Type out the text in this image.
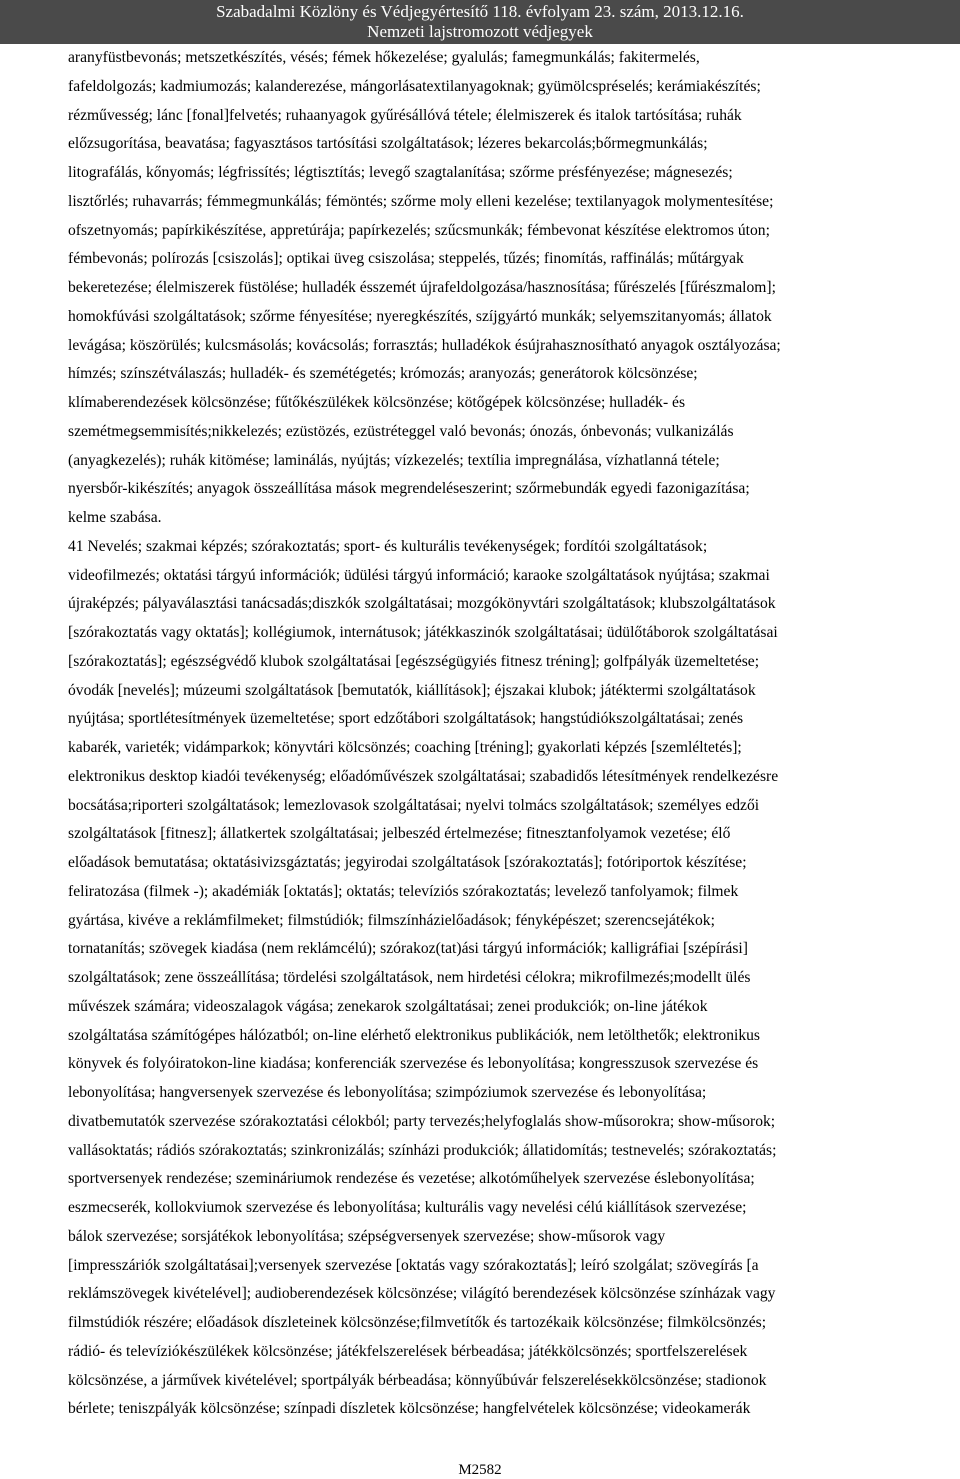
Szabadalmi Közlöny és Védjegyértesítő 118. évfolyam 23. szám, 2013.12.16.
Nemzeti lajstromozott védjegyek
aranyfüstbevonás; metszetkészítés, vésés; fémek hőkezelése; gyalulás; famegmunkálás; fakitermelés,
fafeldolgozás; kadmiumozás; kalanderezése, mángorlásatextilanyagoknak; gyümölcspréselés; kerámiakészítés;
rézművesség; lánc [fonal]felvetés; ruhaanyagok gyűrésállóvá tétele; élelmiszerek és italok tartósítása; ruhák
előzsugorítása, beavatása; fagyasztásos tartósítási szolgáltatások; lézeres bekarcolás;bőrmegmunkálás;
litografálás, kőnyomás; légfrissítés; légtisztítás; levegő szagtalanítása; szőrme présfényezése; mágnesezés;
lisztőrlés; ruhavarrás; fémmegmunkálás; fémöntés; szőrme moly elleni kezelése; textilanyagok molymentesítése;
ofszetnyomás; papírkikészítése, appretúrája; papírkezelés; szűcsmunkák; fémbevonat készítése elektromos úton;
fémbevonás; polírozás [csiszolás]; optikai üveg csiszolása; steppelés, tűzés; finomítás, raffinálás; műtárgyak
bekeretezése; élelmiszerek füstölése; hulladék ésszemét újrafeldolgozása/hasznosítása; fűrészelés [fűrészmalom];
homokfúvási szolgáltatások; szőrme fényesítése; nyeregkészítés, szíjgyártó munkák; selyemszitanyomás; állatok
levágása; köszörülés; kulcsmásolás; kovácsolás; forrasztás; hulladékok ésújrahasznosítható anyagok osztályozása;
hímzés; színszétválaszás; hulladék- és szemétégetés; krómozás; aranyozás; generátorok kölcsönzése;
klímaberendezések kölcsönzése; fűtőkészülékek kölcsönzése; kötőgépek kölcsönzése; hulladék- és
szemétmegsemmisítés;nikkelezés; ezüstözés, ezüstréteggel való bevonás; ónozás, ónbevonás; vulkanizálás
(anyagkezelés); ruhák kitömése; laminálás, nyújtás; vízkezelés; textília impregnálása, vízhatlanná tétele;
nyersbőr-kikészítés; anyagok összeállítása mások megrendeléseszerint; szőrmebundák egyedi fazonigazítása;
kelme szabása.
41 Nevelés; szakmai képzés; szórakoztatás; sport- és kulturális tevékenységek; fordítói szolgáltatások;
videofilmezés; oktatási tárgyú információk; üdülési tárgyú információ; karaoke szolgáltatások nyújtása; szakmai
újraképzés; pályaválasztási tanácsadás;diszkók szolgáltatásai; mozgókönyvtári szolgáltatások; klubszolgáltatások
[szórakoztatás vagy oktatás]; kollégiumok, internátusok; játékkaszinók szolgáltatásai; üdülőtáborok szolgáltatásai
[szórakoztatás]; egészségvédő klubok szolgáltatásai [egészségügyiés fitnesz tréning]; golfpályák üzemeltetése;
óvodák [nevelés]; múzeumi szolgáltatások [bemutatók, kiállítások]; éjszakai klubok; játéktermi szolgáltatások
nyújtása; sportlétesítmények üzemeltetése; sport edzőtábori szolgáltatások; hangstúdiókszolgáltatásai; zenés
kabarék, varieték; vidámparkok; könyvtári kölcsönzés; coaching [tréning]; gyakorlati képzés [szemléltetés];
elektronikus desktop kiadói tevékenység; előadóművészek szolgáltatásai; szabadidős létesítmények rendelkezésre
bocsátása;riporteri szolgáltatások; lemezlovasok szolgáltatásai; nyelvi tolmács szolgáltatások; személyes edzői
szolgáltatások [fitnesz]; állatkertek szolgáltatásai; jelbeszéd értelmezése; fitnesztanfolyamok vezetése; élő
előadások bemutatása; oktatásivizsgáztatás; jegyirodai szolgáltatások [szórakoztatás]; fotóriportok készítése;
feliratozása (filmek -); akadémiák [oktatás]; oktatás; televíziós szórakoztatás; levelező tanfolyamok; filmek
gyártása, kivéve a reklámfilmeket; filmstúdiók; filmszínházielőadások; fényképészet; szerencsejátékok;
tornatanítás; szövegek kiadása (nem reklámcélú); szórakoz(tat)ási tárgyú információk; kalligráfiai [szépírási]
szolgáltatások; zene összeállítása; tördelési szolgáltatások, nem hirdetési célokra; mikrofilmezés;modellt ülés
művészek számára; videoszalagok vágása; zenekarok szolgáltatásai; zenei produkciók; on-line játékok
szolgáltatása számítógépes hálózatból; on-line elérhető elektronikus publikációk, nem letölthetők; elektronikus
könyvek és folyóiratokon-line kiadása; konferenciák szervezése és lebonyolítása; kongresszusok szervezése és
lebonyolítása; hangversenyek szervezése és lebonyolítása; szimpóziumok szervezése és lebonyolítása;
divatbemutatók szervezése szórakoztatási célokból; party tervezés;helyfoglalás show-műsorokra; show-műsorok;
vallásoktatás; rádiós szórakoztatás; szinkronizálás; színházi produkciók; állatidomítás; testnevelés; szórakoztatás;
sportversenyek rendezése; szemináriumok rendezése és vezetése; alkotóműhelyek szervezése éslebonyolítása;
eszmecserék, kollokviumok szervezése és lebonyolítása; kulturális vagy nevelési célú kiállítások szervezése;
bálok szervezése; sorsjátékok lebonyolítása; szépségversenyek szervezése; show-műsorok vagy
[impresszáriók szolgáltatásai];versenyek szervezése [oktatás vagy szórakoztatás]; leíró szolgálat; szövegírás [a
reklámszövegek kivételével]; audioberendezések kölcsönzése; világító berendezések kölcsönzése színházak vagy
filmstúdiók részére; előadások díszleteinek kölcsönzése;filmvetítők és tartozékaik kölcsönzése; filmkölcsönzés;
rádió- és televíziókészülékek kölcsönzése; játékfelszerelések bérbeadása; játékkölcsönzés; sportfelszerelések
kölcsönzése, a járművek kivételével; sportpályák bérbeadása; könnyűbúvár felszerelésekkölcsönzése; stadionok
bérlete; teniszpályák kölcsönzése; színpadi díszletek kölcsönzése; hangfelvételek kölcsönzése; videokamerák
M2582
